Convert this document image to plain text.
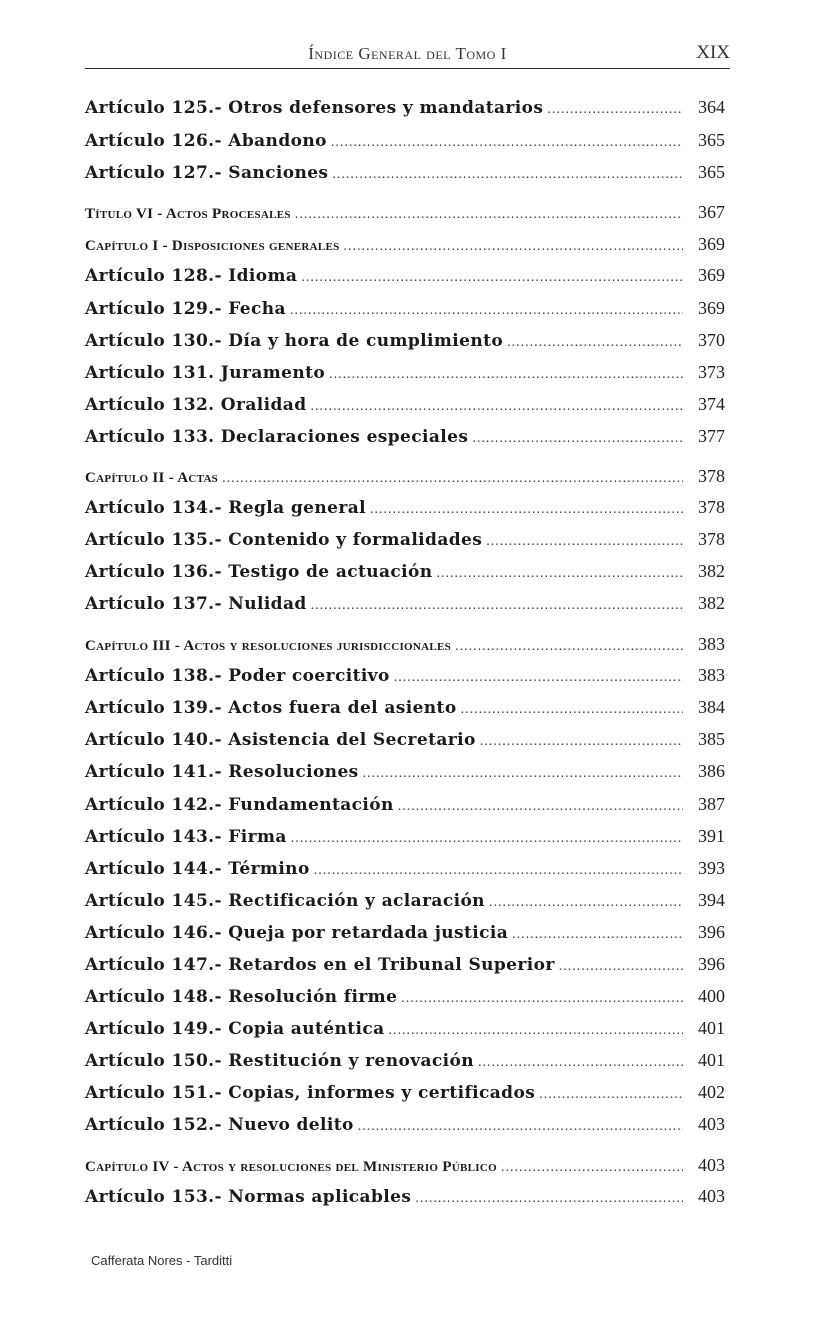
Índice General del Tomo I	XIX
Artículo 125.- Otros defensores y mandatarios .....	364
Artículo 126.- Abandono .....	365
Artículo 127.- Sanciones .....	365
Título VI - Actos Procesales .....	367
Capítulo I - Disposiciones generales .....	369
Artículo 128.- Idioma .....	369
Artículo 129.- Fecha .....	369
Artículo 130.- Día y hora de cumplimiento .....	370
Artículo 131. Juramento .....	373
Artículo 132. Oralidad .....	374
Artículo 133. Declaraciones especiales .....	377
Capítulo II - Actas .....	378
Artículo 134.- Regla general .....	378
Artículo 135.- Contenido y formalidades .....	378
Artículo 136.- Testigo de actuación .....	382
Artículo 137.- Nulidad .....	382
Capítulo III - Actos y resoluciones jurisdiccionales .....	383
Artículo 138.- Poder coercitivo .....	383
Artículo 139.- Actos fuera del asiento .....	384
Artículo 140.- Asistencia del Secretario .....	385
Artículo 141.- Resoluciones .....	386
Artículo 142.- Fundamentación .....	387
Artículo 143.- Firma .....	391
Artículo 144.- Término .....	393
Artículo 145.- Rectificación y aclaración .....	394
Artículo 146.- Queja por retardada justicia .....	396
Artículo 147.- Retardos en el Tribunal Superior .....	396
Artículo 148.- Resolución firme .....	400
Artículo 149.- Copia auténtica .....	401
Artículo 150.- Restitución y renovación .....	401
Artículo 151.- Copias, informes y certificados .....	402
Artículo 152.- Nuevo delito .....	403
Capítulo IV - Actos y resoluciones del Ministerio Público .....	403
Artículo 153.- Normas aplicables .....	403
Cafferata Nores - Tarditti
